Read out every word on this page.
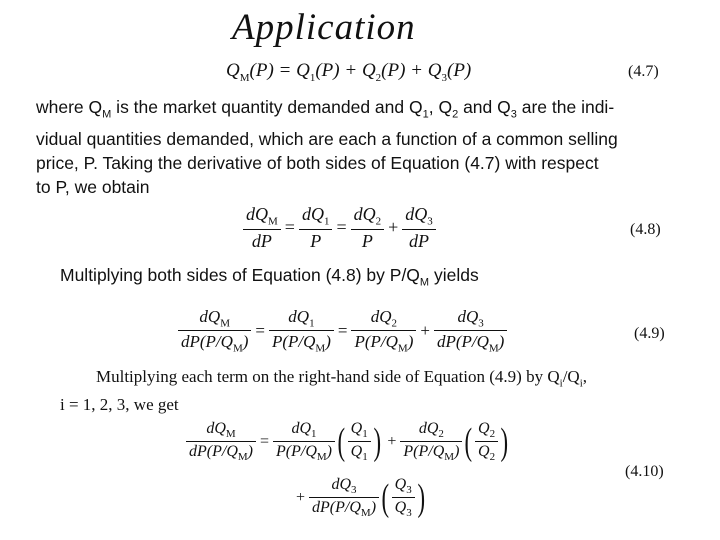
Application
$Q_M(P) = Q_1(P) + Q_2(P) + Q_3(P)$	(4.7)
where $Q_M$ is the market quantity demanded and $Q_1$, $Q_2$ and $Q_3$ are the indi-
vidual quantities demanded, which are each a function of a common selling
price, P. Taking the derivative of both sides of Equation (4.7) with respect
to P, we obtain
$\frac{dQ_M}{dP} = \frac{dQ_1}{P} = \frac{dQ_2}{P} + \frac{dQ_3}{dP}$	(4.8)
Multiplying both sides of Equation (4.8) by $P/Q_M$ yields
$\frac{dQ_M}{dP(P/Q_M)} = \frac{dQ_1}{P(P/Q_M)} = \frac{dQ_2}{P(P/Q_M)} + \frac{dQ_3}{dP(P/Q_M)}$	(4.9)
Multiplying each term on the right-hand side of Equation (4.9) by $Q_i/Q_i$,
i = 1, 2, 3, we get
$\frac{dQ_M}{dP(P/Q_M)} = \frac{dQ_1}{P(P/Q_M)}$ ( $\frac{Q_1}{Q_1}$ ) + $\frac{dQ_2}{P(P/Q_M)}$ ( $\frac{Q_2}{Q_2}$ )
+ $\frac{dQ_3}{dP(P/Q_M)}$ ( $\frac{Q_3}{Q_3}$ )
(4.10)
